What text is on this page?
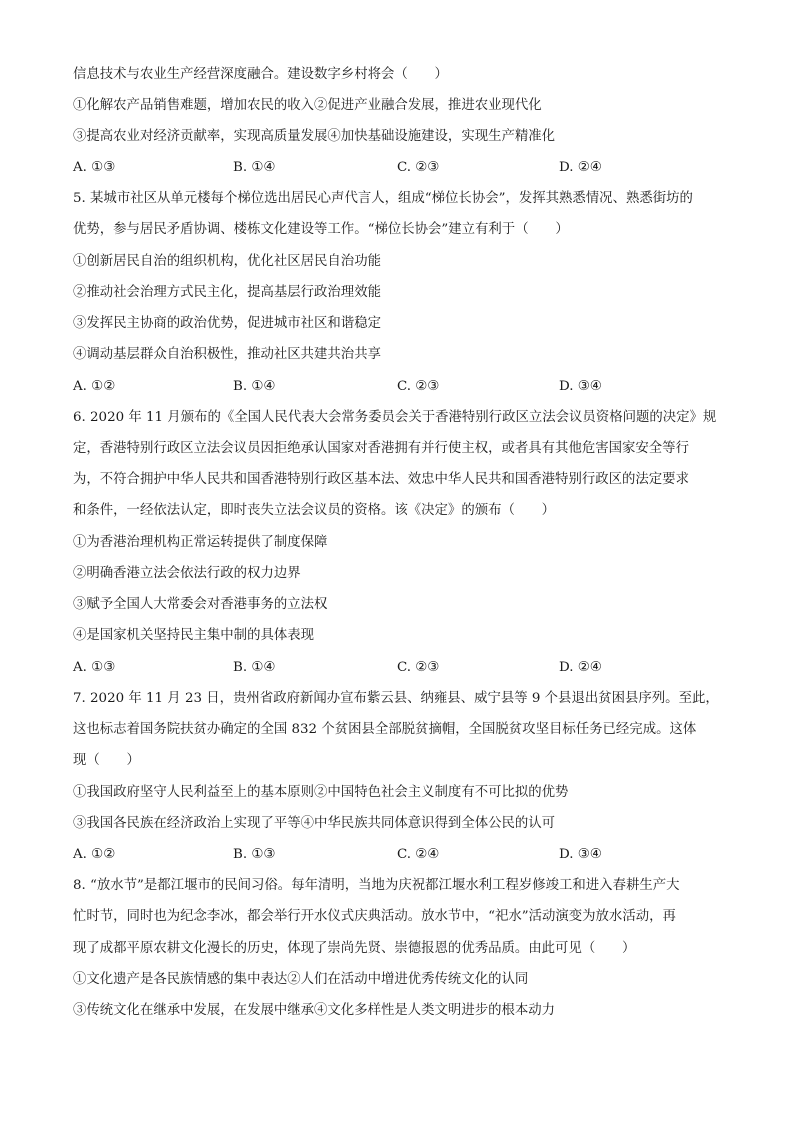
信息技术与农业生产经营深度融合。建设数字乡村将会（　　）
①化解农产品销售难题，增加农民的收入②促进产业融合发展，推进农业现代化
③提高农业对经济贡献率，实现高质量发展④加快基础设施建设，实现生产精准化
A. ①③	B. ①④	C. ②③	D. ②④
5. 某城市社区从单元楼每个梯位选出居民心声代言人，组成“梯位长协会”，发挥其熟悉情况、熟悉街坊的
优势，参与居民矛盾协调、楼栋文化建设等工作。“梯位长协会”建立有利于（　　）
①创新居民自治的组织机构，优化社区居民自治功能
②推动社会治理方式民主化，提高基层行政治理效能
③发挥民主协商的政治优势，促进城市社区和谐稳定
④调动基层群众自治积极性，推动社区共建共治共享
A. ①②	B. ①④	C. ②③	D. ③④
6. 2020 年 11 月颁布的《全国人民代表大会常务委员会关于香港特别行政区立法会议员资格问题的决定》规
定，香港特别行政区立法会议员因拒绝承认国家对香港拥有并行使主权，或者具有其他危害国家安全等行
为，不符合拥护中华人民共和国香港特别行政区基本法、效忠中华人民共和国香港特别行政区的法定要求
和条件，一经依法认定，即时丧失立法会议员的资格。该《决定》的颁布（　　）
①为香港治理机构正常运转提供了制度保障
②明确香港立法会依法行政的权力边界
③赋予全国人大常委会对香港事务的立法权
④是国家机关坚持民主集中制的具体表现
A. ①③	B. ①④	C. ②③	D. ②④
7. 2020 年 11 月 23 日，贵州省政府新闻办宣布紫云县、纳雍县、威宁县等 9 个县退出贫困县序列。至此，
这也标志着国务院扶贫办确定的全国 832 个贫困县全部脱贫摘帽，全国脱贫攻坚目标任务已经完成。这体
现（　　）
①我国政府坚守人民利益至上的基本原则②中国特色社会主义制度有不可比拟的优势
③我国各民族在经济政治上实现了平等④中华民族共同体意识得到全体公民的认可
A. ①②	B. ①③	C. ②④	D. ③④
8. “放水节”是都江堰市的民间习俗。每年清明，当地为庆祝都江堰水利工程岁修竣工和进入春耕生产大
忙时节，同时也为纪念李冰，都会举行开水仪式庆典活动。放水节中，“祀水”活动演变为放水活动，再
现了成都平原农耕文化漫长的历史，体现了崇尚先贤、崇德报恩的优秀品质。由此可见（　　）
①文化遗产是各民族情感的集中表达②人们在活动中增进优秀传统文化的认同
③传统文化在继承中发展，在发展中继承④文化多样性是人类文明进步的根本动力
